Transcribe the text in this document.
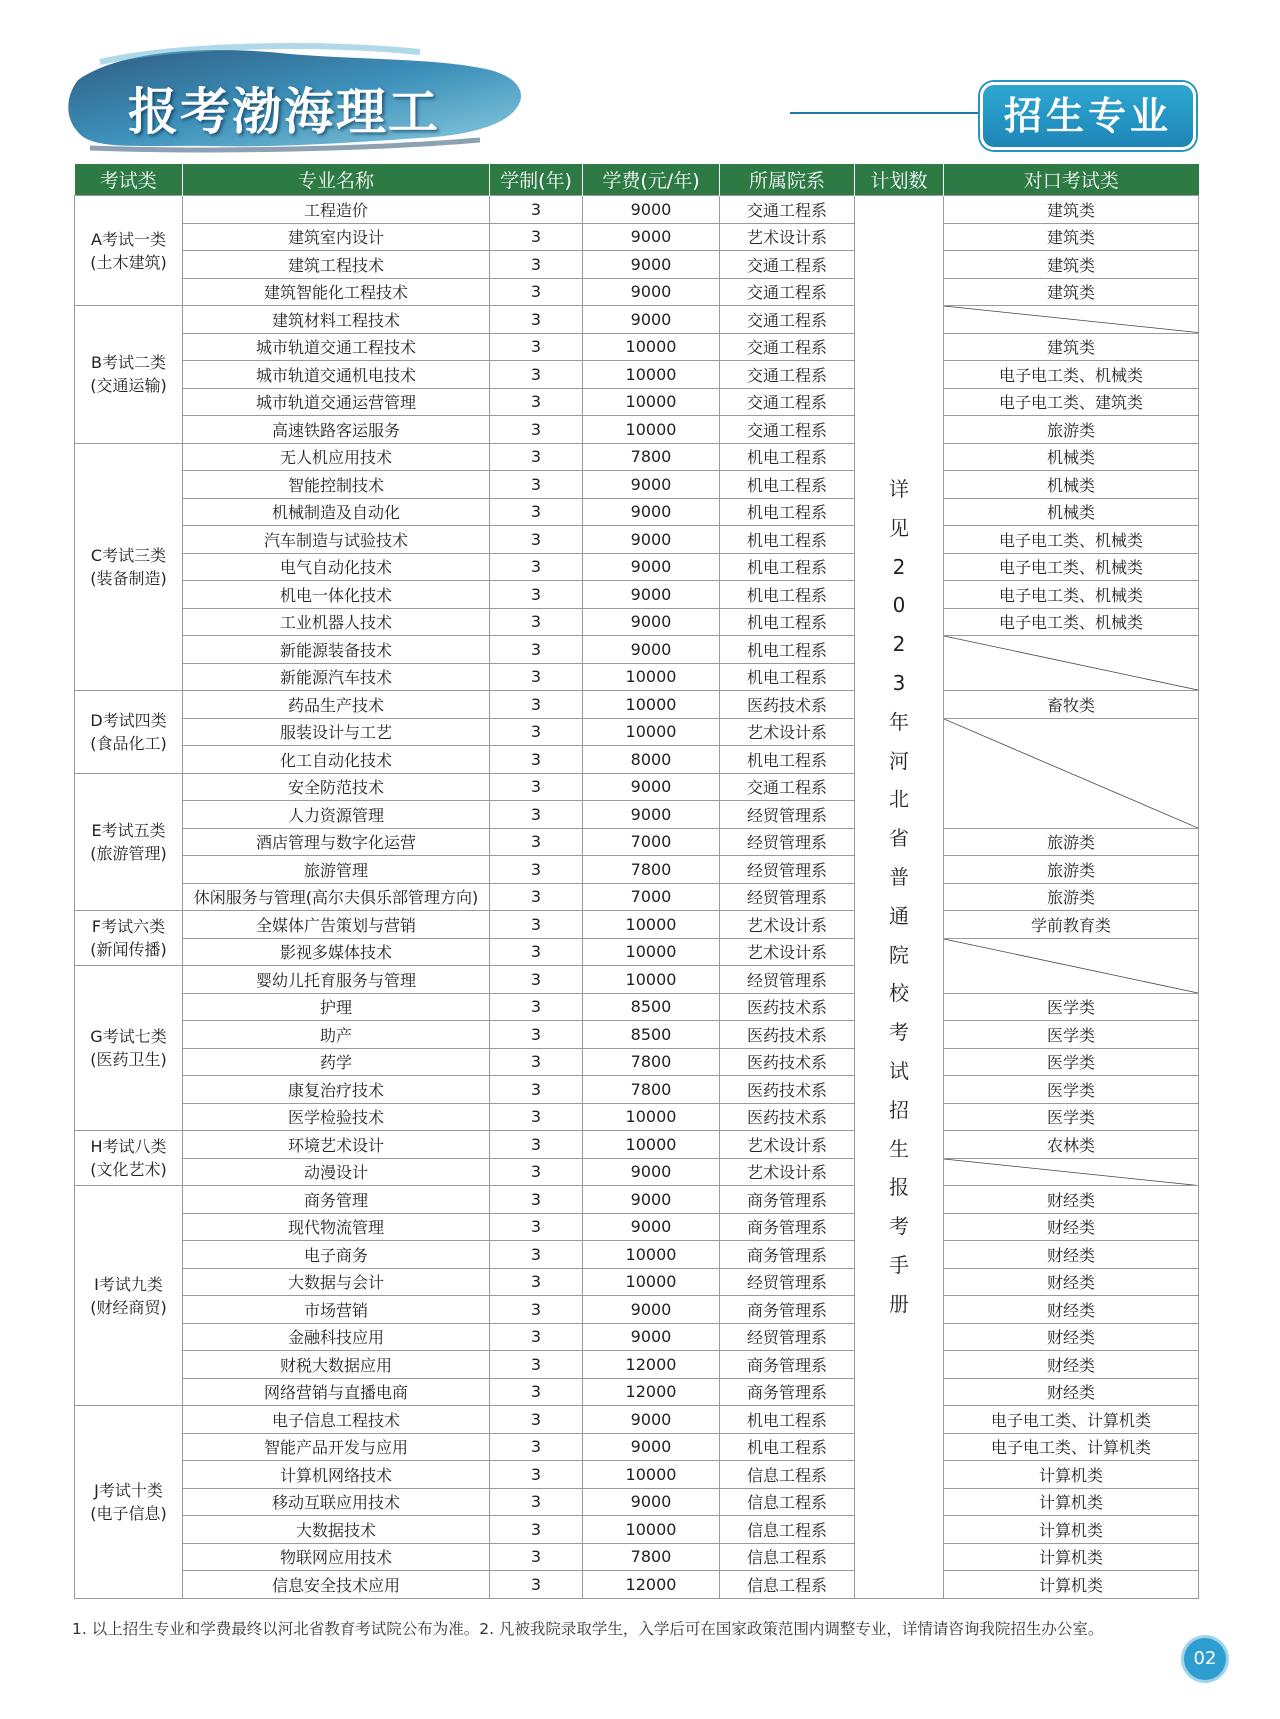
报考渤海理工	招生专业
考试类	专业名称	学制(年)	学费(元/年)	所属院系	计划数	对口考试类
A考试一类
(土木建筑)	工程造价	3	9000	交通工程系	详见2023年河北省普通院校考试招生报考手册	建筑类
	建筑室内设计	3	9000	艺术设计系		建筑类
	建筑工程技术	3	9000	交通工程系		建筑类
	建筑智能化工程技术	3	9000	交通工程系		建筑类
B考试二类
(交通运输)	建筑材料工程技术	3	9000	交通工程系	

	城市轨道交通工程技术	3	10000	交通工程系		建筑类
	城市轨道交通机电技术	3	10000	交通工程系		电子电工类、机械类
	城市轨道交通运营管理	3	10000	交通工程系		电子电工类、建筑类
	高速铁路客运服务	3	10000	交通工程系		旅游类
C考试三类
(装备制造)	无人机应用技术	3	7800	机电工程系		机械类
	智能控制技术	3	9000	机电工程系		机械类
	机械制造及自动化	3	9000	机电工程系		机械类
	汽车制造与试验技术	3	9000	机电工程系		电子电工类、机械类
	电气自动化技术	3	9000	机电工程系		电子电工类、机械类
	机电一体化技术	3	9000	机电工程系		电子电工类、机械类
	工业机器人技术	3	9000	机电工程系		电子电工类、机械类
	新能源装备技术	3	9000	机电工程系	

	新能源汽车技术	3	10000	机电工程系		
D考试四类
(食品化工)	药品生产技术	3	10000	医药技术系		畜牧类
	服装设计与工艺	3	10000	艺术设计系	

	化工自动化技术	3	8000	机电工程系		
E考试五类
(旅游管理)	安全防范技术	3	9000	交通工程系		
	人力资源管理	3	9000	经贸管理系		
	酒店管理与数字化运营	3	7000	经贸管理系		旅游类
	旅游管理	3	7800	经贸管理系		旅游类
	休闲服务与管理(高尔夫俱乐部管理方向)	3	7000	经贸管理系		旅游类
F考试六类
(新闻传播)	全媒体广告策划与营销	3	10000	艺术设计系		学前教育类
	影视多媒体技术	3	10000	艺术设计系	

G考试七类
(医药卫生)	婴幼儿托育服务与管理	3	10000	经贸管理系		
	护理	3	8500	医药技术系		医学类
	助产	3	8500	医药技术系		医学类
	药学	3	7800	医药技术系		医学类
	康复治疗技术	3	7800	医药技术系		医学类
	医学检验技术	3	10000	医药技术系		医学类
H考试八类
(文化艺术)	环境艺术设计	3	10000	艺术设计系		农林类
	动漫设计	3	9000	艺术设计系	

I考试九类
(财经商贸)	商务管理	3	9000	商务管理系		财经类
	现代物流管理	3	9000	商务管理系		财经类
	电子商务	3	10000	商务管理系		财经类
	大数据与会计	3	10000	经贸管理系		财经类
	市场营销	3	9000	商务管理系		财经类
	金融科技应用	3	9000	经贸管理系		财经类
	财税大数据应用	3	12000	商务管理系		财经类
	网络营销与直播电商	3	12000	商务管理系		财经类
J考试十类
(电子信息)	电子信息工程技术	3	9000	机电工程系		电子电工类、计算机类
	智能产品开发与应用	3	9000	机电工程系		电子电工类、计算机类
	计算机网络技术	3	10000	信息工程系		计算机类
	移动互联应用技术	3	9000	信息工程系		计算机类
	大数据技术	3	10000	信息工程系		计算机类
	物联网应用技术	3	7800	信息工程系		计算机类
	信息安全技术应用	3	12000	信息工程系		计算机类
1. 以上招生专业和学费最终以河北省教育考试院公布为准。2. 凡被我院录取学生，入学后可在国家政策范围内调整专业，详情请咨询我院招生办公室。
02
